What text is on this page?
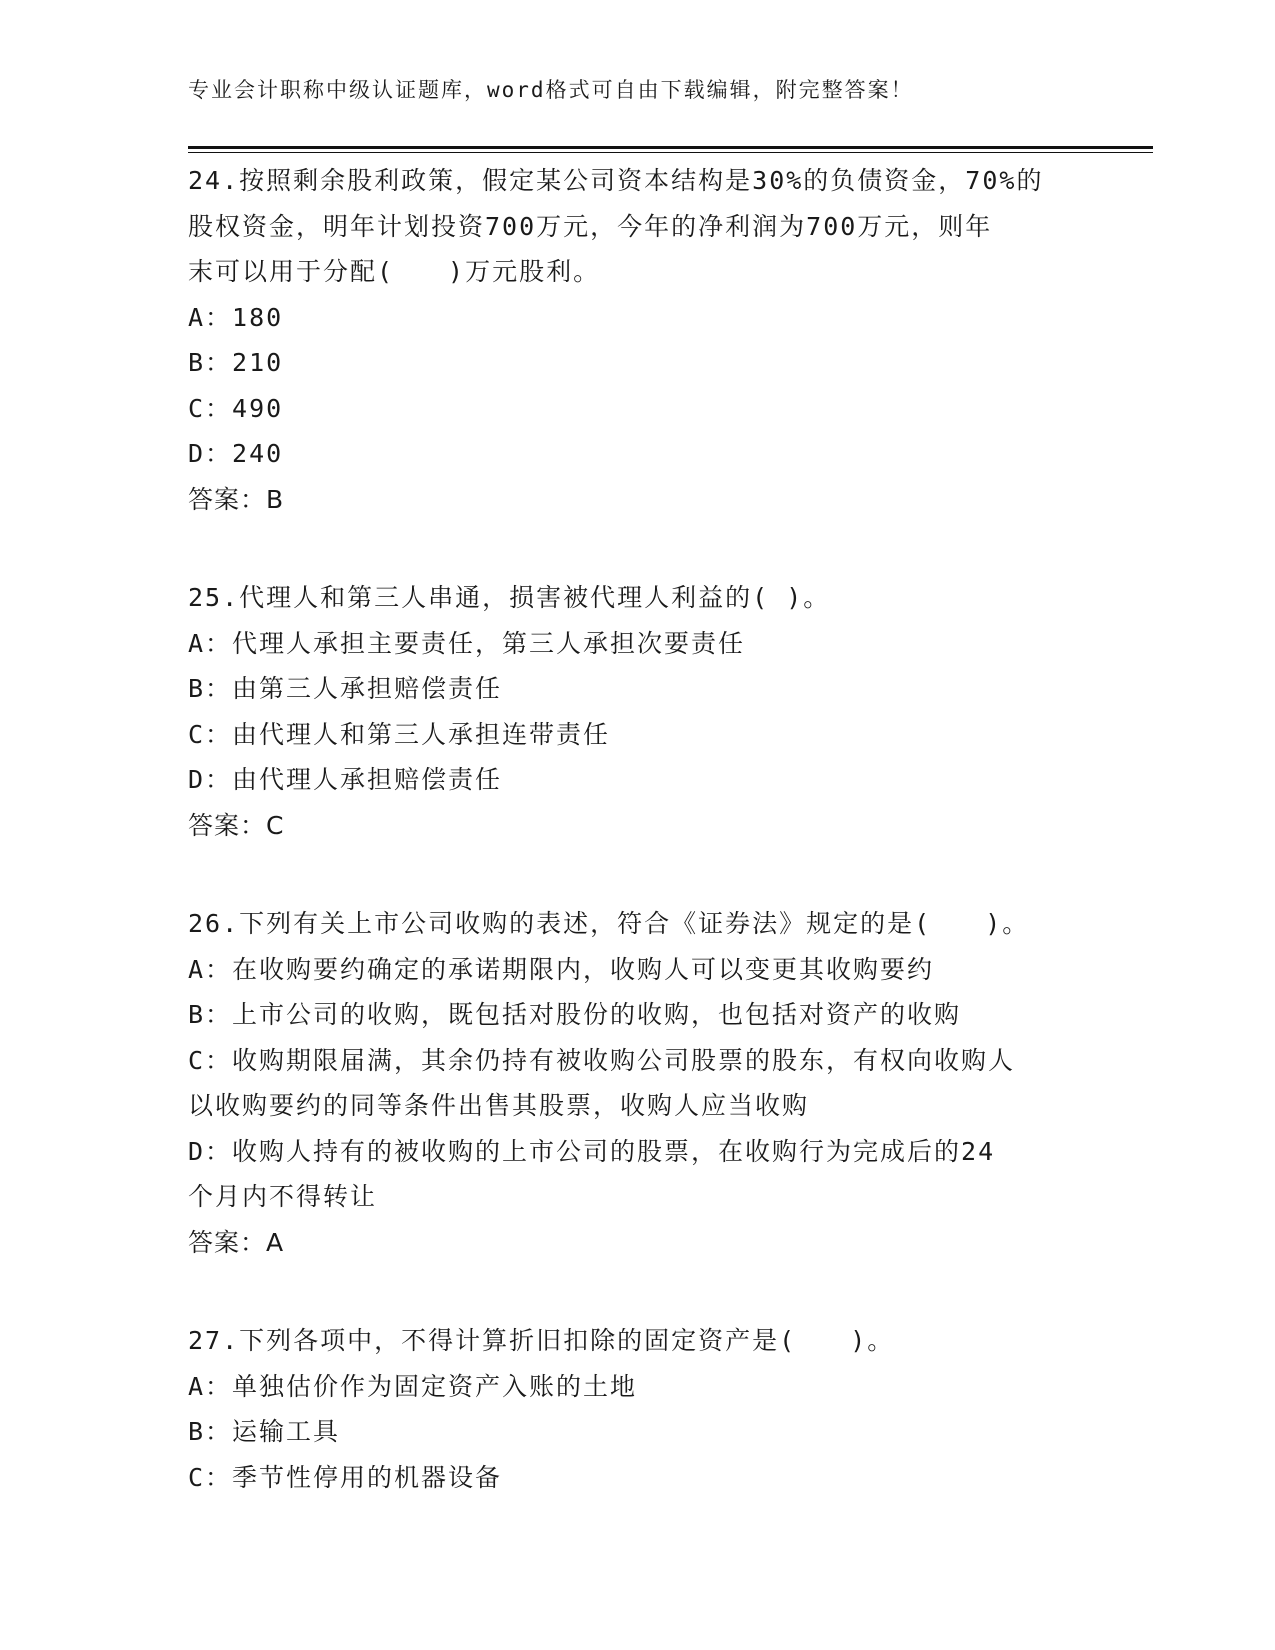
专业会计职称中级认证题库，word格式可自由下载编辑，附完整答案！
24.按照剩余股利政策，假定某公司资本结构是30%的负债资金，70%的
股权资金，明年计划投资700万元，今年的净利润为700万元，则年
末可以用于分配(　　)万元股利。
A：180
B：210
C：490
D：240
答案：B
25.代理人和第三人串通，损害被代理人利益的( )。
A：代理人承担主要责任，第三人承担次要责任
B：由第三人承担赔偿责任
C：由代理人和第三人承担连带责任
D：由代理人承担赔偿责任
答案：C
26.下列有关上市公司收购的表述，符合《证券法》规定的是(　　)。
A：在收购要约确定的承诺期限内，收购人可以变更其收购要约
B：上市公司的收购，既包括对股份的收购，也包括对资产的收购
C：收购期限届满，其余仍持有被收购公司股票的股东，有权向收购人
以收购要约的同等条件出售其股票，收购人应当收购
D：收购人持有的被收购的上市公司的股票，在收购行为完成后的24
个月内不得转让
答案：A
27.下列各项中，不得计算折旧扣除的固定资产是(　　)。
A：单独估价作为固定资产入账的土地
B：运输工具
C：季节性停用的机器设备
